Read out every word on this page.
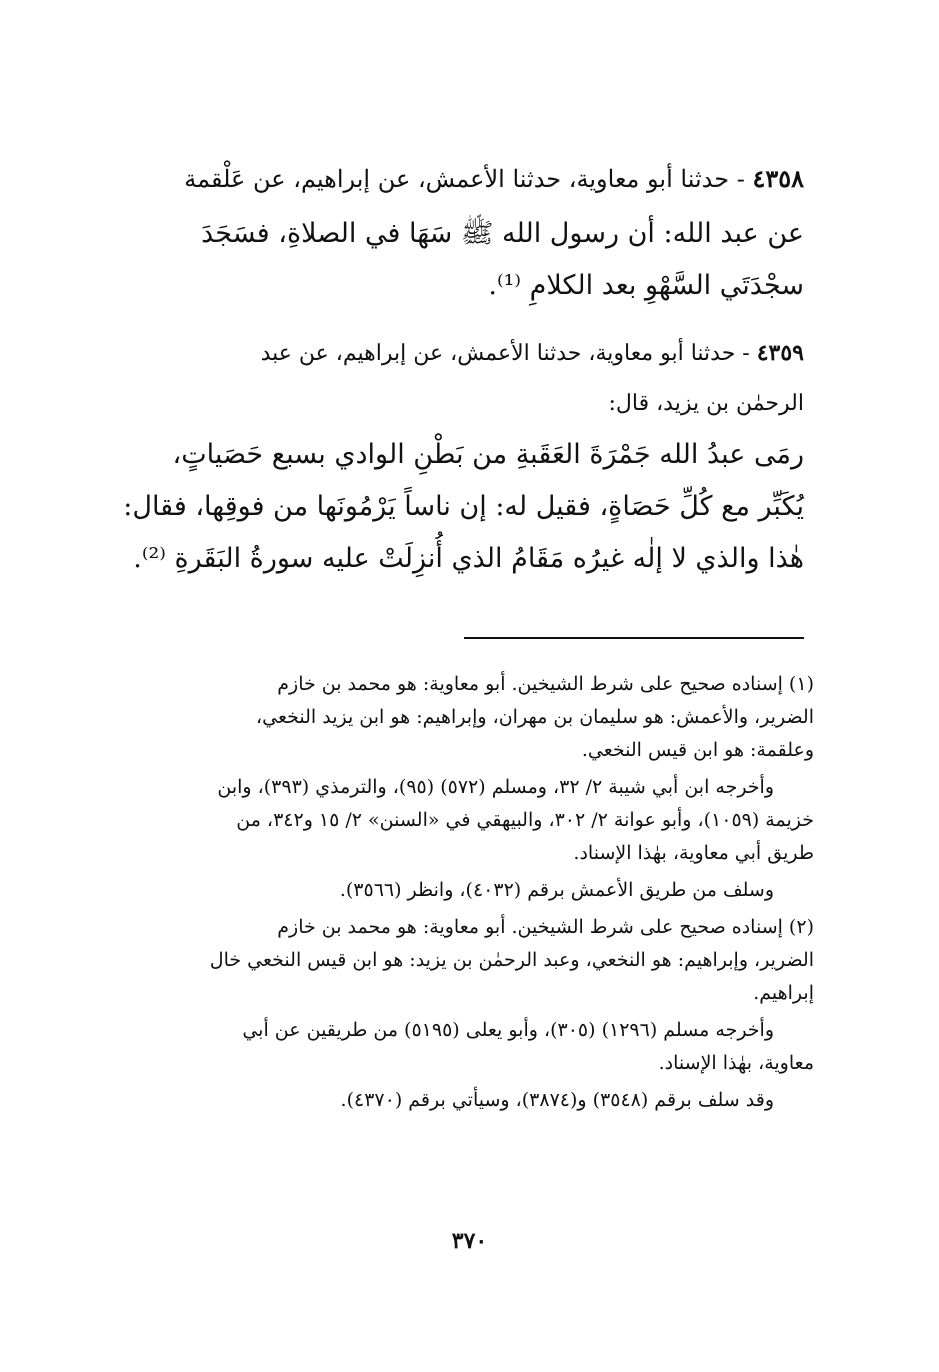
٤٣٥٨ - حدثنا أبو معاوية، حدثنا الأعمش، عن إبراهيم، عن عَلْقمة

عن عبد الله: أن رسول الله ﷺ سَهَا في الصلاةِ، فسَجَدَ

سجْدَتَي السَّهْوِ بعد الكلامِ ⁽¹⁾.

٤٣٥٩ - حدثنا أبو معاوية، حدثنا الأعمش، عن إبراهيم، عن عبد

الرحمٰن بن يزيد، قال:

رمَى عبدُ الله جَمْرَةَ العَقَبةِ من بَطْنِ الوادي بسبع حَصَياتٍ،

يُكَبِّر مع كُلِّ حَصَاةٍ، فقيل له: إن ناساً يَرْمُونَها من فوقِها، فقال:

هٰذا والذي لا إلٰه غيرُه مَقَامُ الذي أُنزِلَتْ عليه سورةُ البَقَرةِ ⁽²⁾.

(١) إسناده صحيح على شرط الشيخين. أبو معاوية: هو محمد بن خازم

الضرير، والأعمش: هو سليمان بن مهران، وإبراهيم: هو ابن يزيد النخعي،

وعلقمة: هو ابن قيس النخعي.

وأخرجه ابن أبي شيبة ٢/ ٣٢، ومسلم (٥٧٢) (٩٥)، والترمذي (٣٩٣)، وابن

خزيمة (١٠٥٩)، وأبو عوانة ٢/ ٣٠٢، والبيهقي في «السنن» ٢/ ١٥ و٣٤٢، من

طريق أبي معاوية، بهٰذا الإسناد.

وسلف من طريق الأعمش برقم (٤٠٣٢)، وانظر (٣٥٦٦).

(٢) إسناده صحيح على شرط الشيخين. أبو معاوية: هو محمد بن خازم

الضرير، وإبراهيم: هو النخعي، وعبد الرحمٰن بن يزيد: هو ابن قيس النخعي خال

إبراهيم.

وأخرجه مسلم (١٢٩٦) (٣٠٥)، وأبو يعلى (٥١٩٥) من طريقين عن أبي

معاوية، بهٰذا الإسناد.

وقد سلف برقم (٣٥٤٨) و(٣٨٧٤)، وسيأتي برقم (٤٣٧٠).

٣٧٠
